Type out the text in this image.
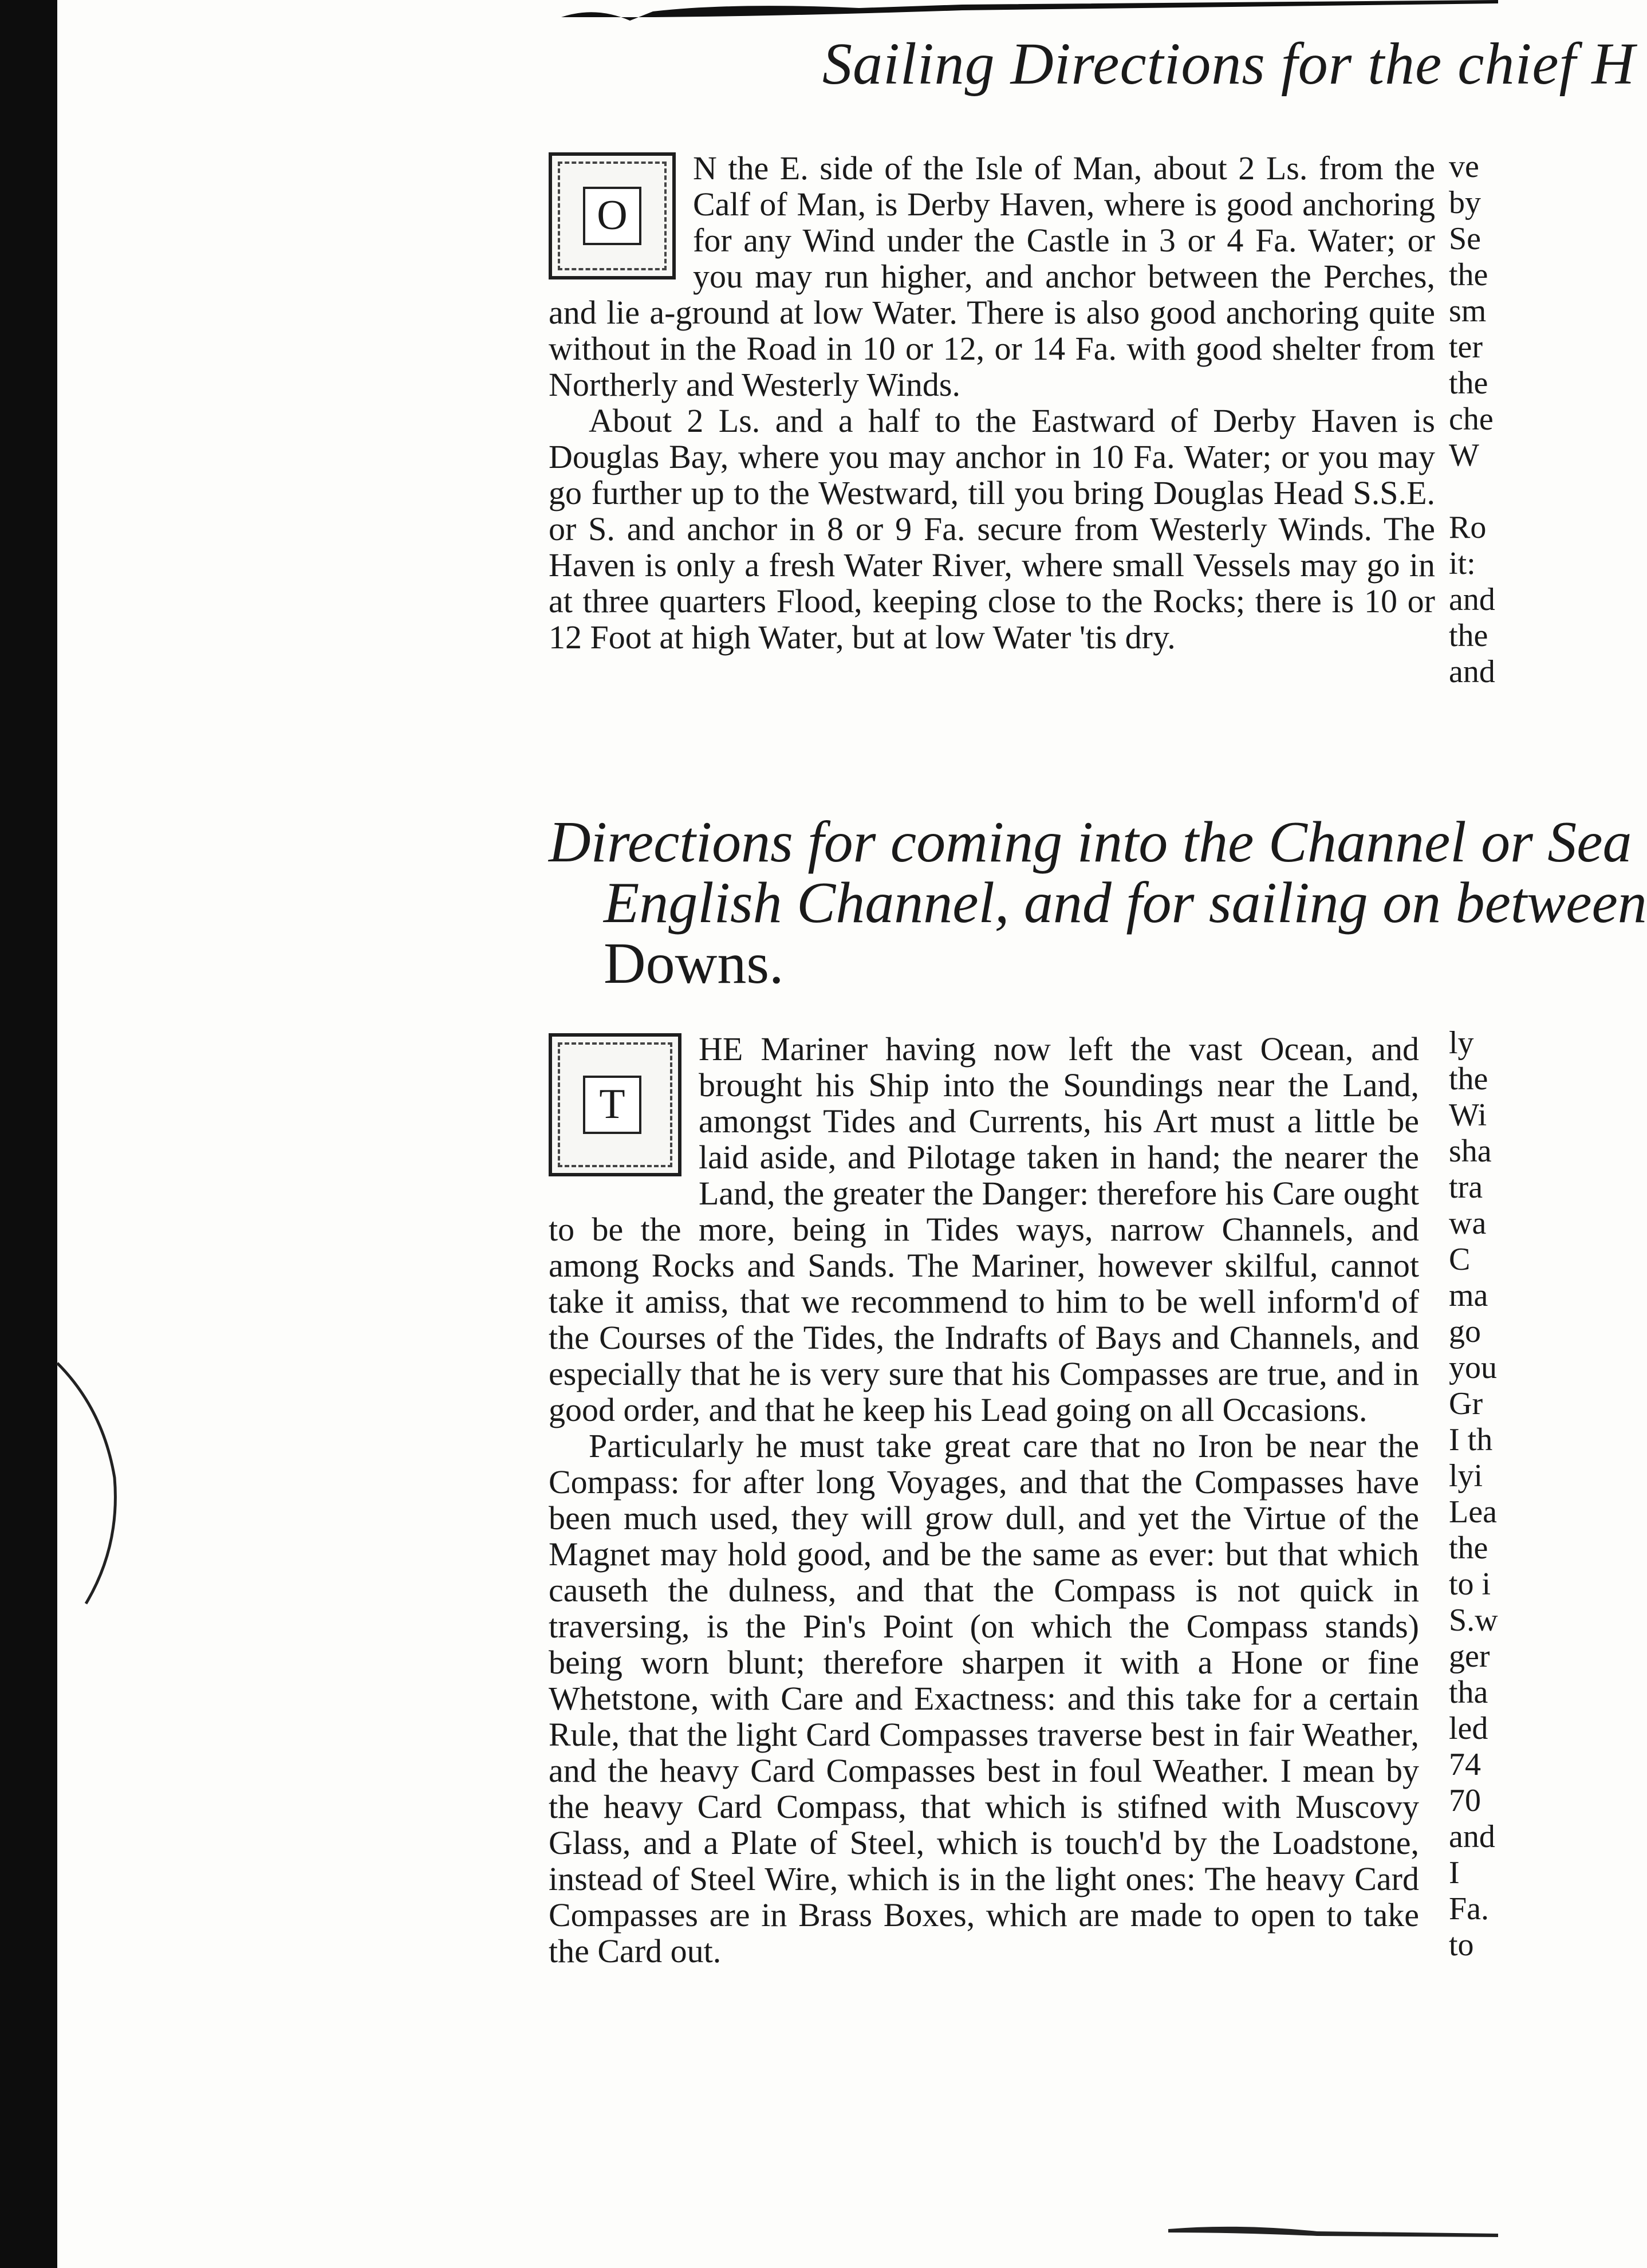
Sailing Directions for the chief H
O

N the E. side of the Isle of Man, about 2 Ls. from the Calf of Man, is Derby Haven, where is good anchoring for any Wind under the Castle in 3 or 4 Fa. Water; or you may run higher, and anchor between the Perches, and lie a-ground at low Water. There is also good anchoring quite without in the Road in 10 or 12, or 14 Fa. with good shelter from Northerly and Westerly Winds.

About 2 Ls. and a half to the Eastward of Derby Haven is Douglas Bay, where you may anchor in 10 Fa. Water; or you may go further up to the Westward, till you bring Douglas Head S.S.E. or S. and anchor in 8 or 9 Fa. secure from Westerly Winds. The Haven is only a fresh Water River, where small Vessels may go in at three quarters Flood, keeping close to the Rocks; there is 10 or 12 Foot at high Water, but at low Water 'tis dry.

Directions for coming into the Channel or Sea
English Channel, and for sailing on between
Downs.
T

HE Mariner having now left the vast Ocean, and brought his Ship into the Soundings near the Land, amongst Tides and Currents, his Art must a little be laid aside, and Pilotage taken in hand; the nearer the Land, the greater the Danger: therefore his Care ought to be the more, being in Tides ways, narrow Channels, and among Rocks and Sands. The Mariner, however skilful, cannot take it amiss, that we recommend to him to be well inform'd of the Courses of the Tides, the Indrafts of Bays and Channels, and especially that he is very sure that his Compasses are true, and in good order, and that he keep his Lead going on all Occasions.

Particularly he must take great care that no Iron be near the Compass: for after long Voyages, and that the Compasses have been much used, they will grow dull, and yet the Virtue of the Magnet may hold good, and be the same as ever: but that which causeth the dulness, and that the Compass is not quick in traversing, is the Pin's Point (on which the Compass stands) being worn blunt; therefore sharpen it with a Hone or fine Whetstone, with Care and Exactness: and this take for a certain Rule, that the light Card Compasses traverse best in fair Weather, and the heavy Card Compasses best in foul Weather. I mean by the heavy Card Compass, that which is stifned with Muscovy Glass, and a Plate of Steel, which is touch'd by the Loadstone, instead of Steel Wire, which is in the light ones: The heavy Card Compasses are in Brass Boxes, which are made to open to take the Card out.

ve
by
Se
the
sm
ter
the
che
W
Ro
it:
and
the
and
ly
the
Wi
sha
tra
wa
C
ma
go
you
Gr
I th
lyi
Lea
the
to i
S.w
ger
tha
led
74
70
and
I
Fa.
to
